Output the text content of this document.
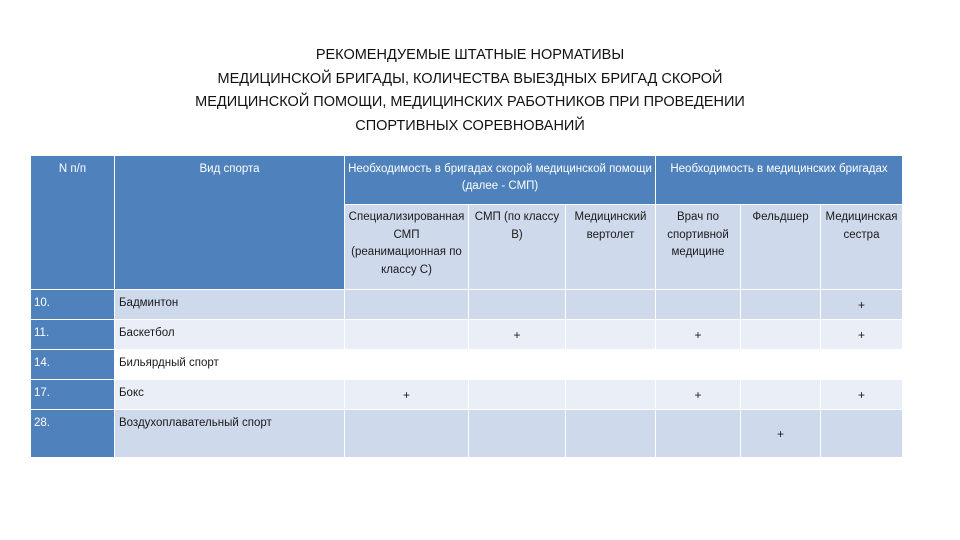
РЕКОМЕНДУЕМЫЕ ШТАТНЫЕ НОРМАТИВЫ
МЕДИЦИНСКОЙ БРИГАДЫ, КОЛИЧЕСТВА ВЫЕЗДНЫХ БРИГАД СКОРОЙ
МЕДИЦИНСКОЙ ПОМОЩИ, МЕДИЦИНСКИХ РАБОТНИКОВ ПРИ ПРОВЕДЕНИИ
СПОРТИВНЫХ СОРЕВНОВАНИЙ
N п/п	Вид спорта	Необходимость в бригадах скорой медицинской помощи (далее - СМП)			Необходимость в медицинских бригадах		
		Специализированная СМП (реанимационная по классу С)	СМП (по классу В)	Медицинский вертолет	Врач по спортивной медицине	Фельдшер	Медицинская сестра
10.	Бадминтон						+

11.	Баскетбол		+		+		+

14.	Бильярдный спорт						
17.	Бокс	+			+		+

28.	Воздухоплавательный спорт					+	
